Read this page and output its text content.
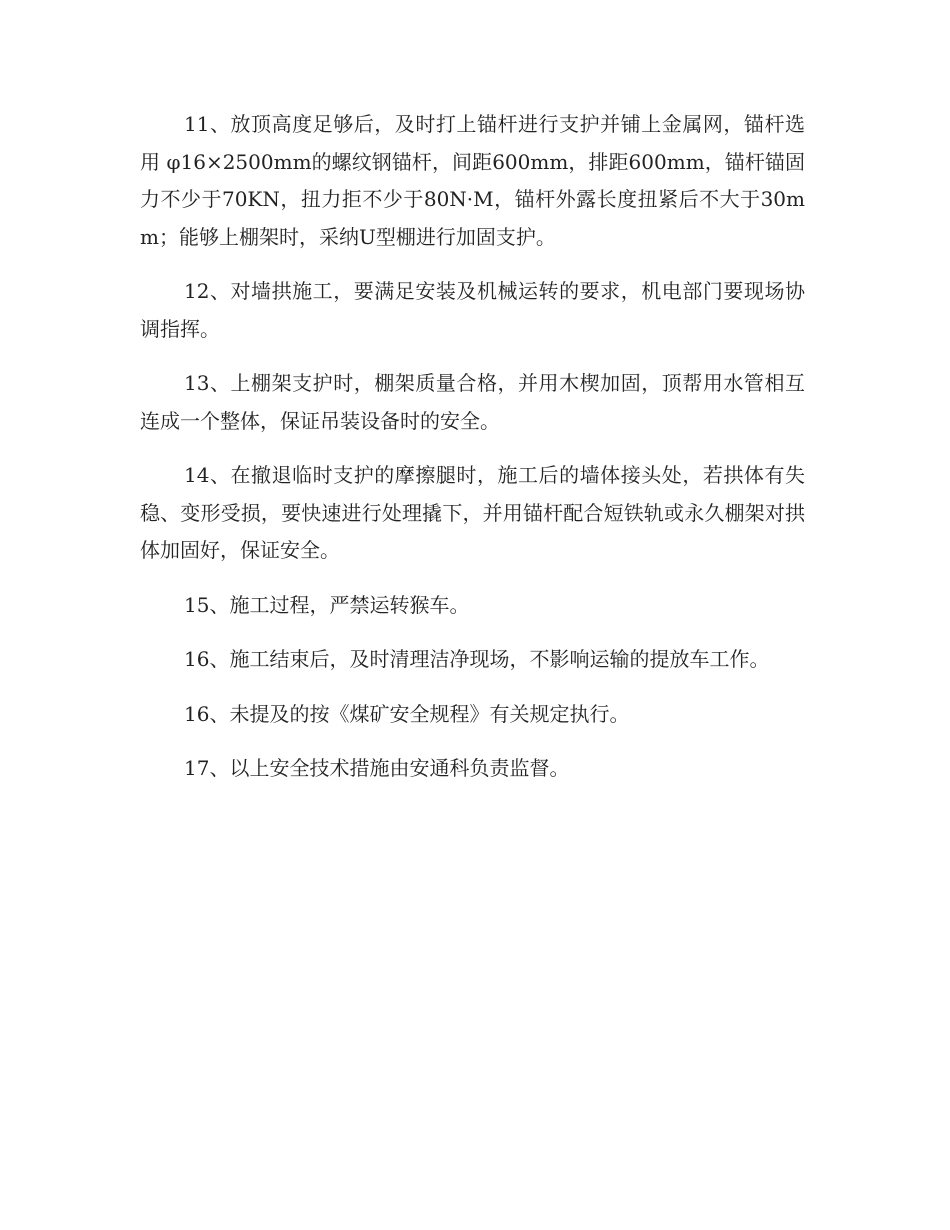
11、放顶高度足够后，及时打上锚杆进行支护并铺上金属网，锚杆选用 φ16×2500mm的螺纹钢锚杆，间距600mm，排距600mm，锚杆锚固力不少于70KN，扭力拒不少于80N·M，锚杆外露长度扭紧后不大于30mm；能够上棚架时，采纳U型棚进行加固支护。

12、对墙拱施工，要满足安装及机械运转的要求，机电部门要现场协调指挥。

13、上棚架支护时，棚架质量合格，并用木楔加固，顶帮用水管相互连成一个整体，保证吊装设备时的安全。

14、在撤退临时支护的摩擦腿时，施工后的墙体接头处，若拱体有失稳、变形受损，要快速进行处理撬下，并用锚杆配合短铁轨或永久棚架对拱体加固好，保证安全。

15、施工过程，严禁运转猴车。

16、施工结束后，及时清理洁净现场，不影响运输的提放车工作。

16、未提及的按《煤矿安全规程》有关规定执行。

17、以上安全技术措施由安通科负责监督。
